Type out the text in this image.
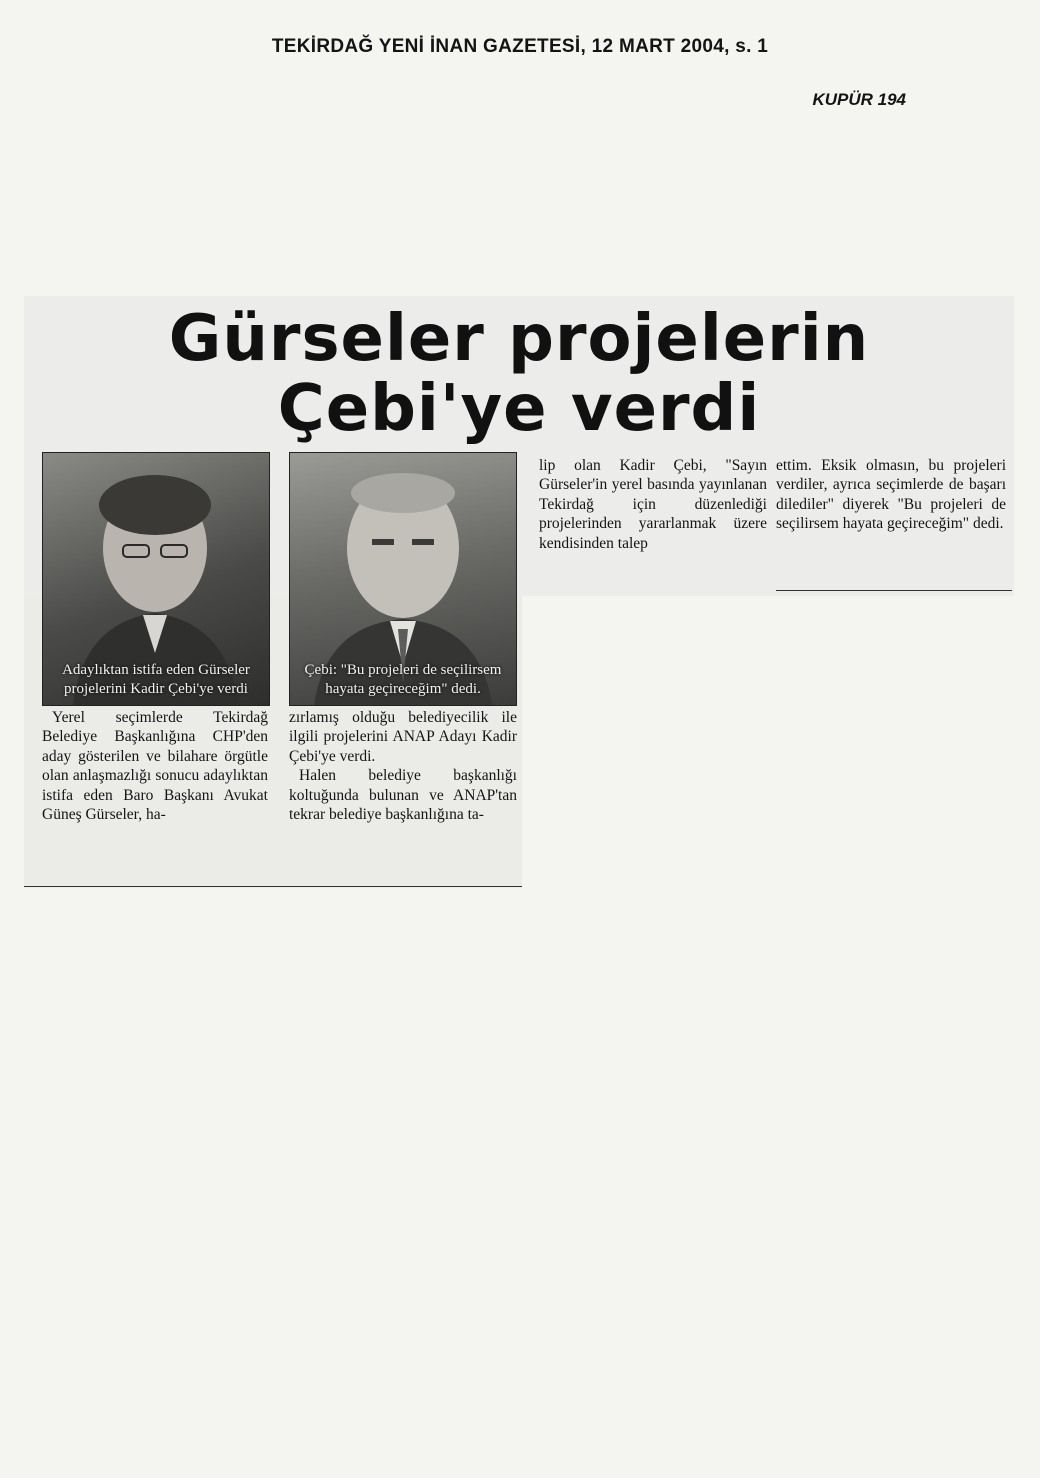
TEKİRDAĞ YENİ İNAN GAZETESİ, 12 MART 2004, s. 1
KUPÜR 194
Gürseler projelerin
Çebi'ye verdi
Adaylıktan istifa eden Gürseler projelerini Kadir Çebi'ye verdi
Çebi: "Bu projeleri de seçilirsem hayata geçireceğim" dedi.

Yerel seçimlerde Tekirdağ Belediye Başkanlığına CHP'den aday gösterilen ve bilahare örgütle olan anlaşmazlığı sonucu adaylıktan istifa eden Baro Başkanı Avukat Güneş Gürseler, ha-

zırlamış olduğu belediyecilik ile ilgili projelerini ANAP Adayı Kadir Çebi'ye verdi.

Halen belediye başkanlığı koltuğunda bulunan ve ANAP'tan tekrar belediye başkanlığına ta-

lip olan Kadir Çebi, "Sayın Gürseler'in yerel basında yayınlanan Tekirdağ için düzenlediği projelerinden yararlanmak üzere kendisinden talep

ettim. Eksik olmasın, bu projeleri verdiler, ayrıca seçimlerde de başarı dilediler" diyerek "Bu projeleri de seçilirsem hayata geçireceğim" dedi.
